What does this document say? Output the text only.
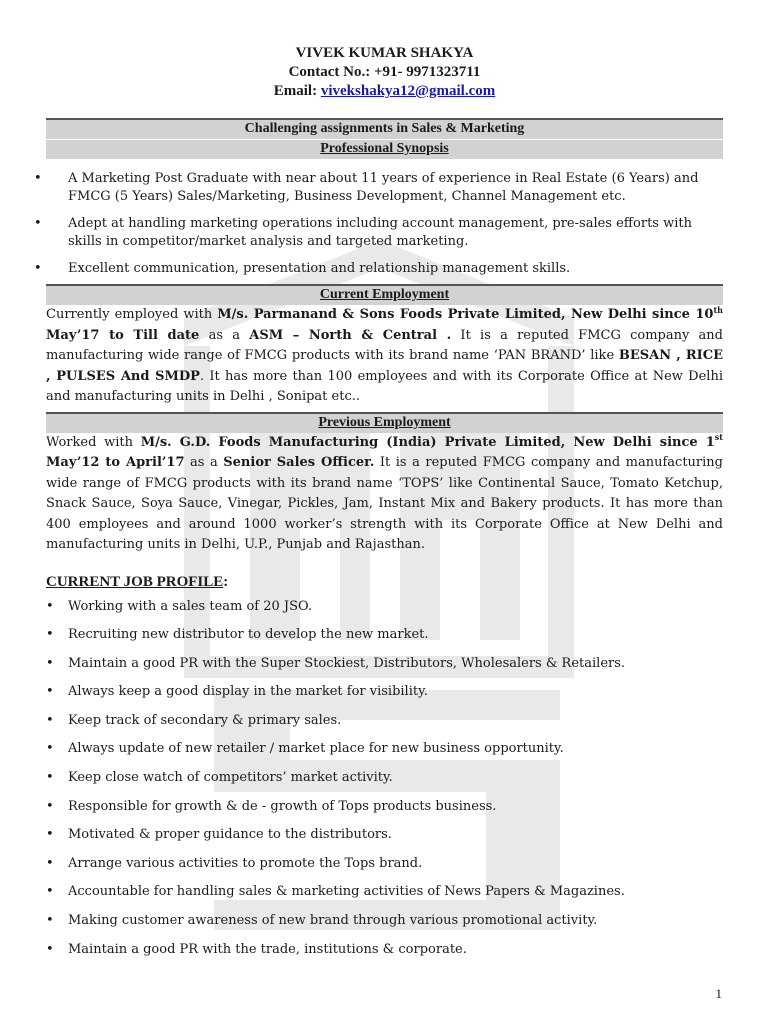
VIVEK KUMAR SHAKYA
Contact No.: +91- 9971323711
Email: vivekshakya12@gmail.com
Challenging assignments in Sales & Marketing
Professional Synopsis
• A Marketing Post Graduate with near about 11 years of experience in Real Estate (6 Years) and FMCG (5 Years) Sales/Marketing, Business Development, Channel Management etc.
• Adept at handling marketing operations including account management, pre-sales efforts with skills in competitor/market analysis and targeted marketing.
• Excellent communication, presentation and relationship management skills.
Current Employment

Currently employed with M/s. Parmanand & Sons Foods Private Limited, New Delhi since 10th May’17 to Till date as a ASM – North & Central . It is a reputed FMCG company and manufacturing wide range of FMCG products with its brand name ‘PAN BRAND’ like BESAN , RICE , PULSES And SMDP. It has more than 100 employees and with its Corporate Office at New Delhi and manufacturing units in Delhi , Sonipat etc..

Previous Employment

Worked with M/s. G.D. Foods Manufacturing (India) Private Limited, New Delhi since 1st May’12 to April’17 as a Senior Sales Officer. It is a reputed FMCG company and manufacturing wide range of FMCG products with its brand name ‘TOPS’ like Continental Sauce, Tomato Ketchup, Snack Sauce, Soya Sauce, Vinegar, Pickles, Jam, Instant Mix and Bakery products. It has more than 400 employees and around 1000 worker’s strength with its Corporate Office at New Delhi and manufacturing units in Delhi, U.P., Punjab and Rajasthan.

CURRENT JOB PROFILE:
• Working with a sales team of 20 JSO.
• Recruiting new distributor to develop the new market.
• Maintain a good PR with the Super Stockiest, Distributors, Wholesalers & Retailers.
• Always keep a good display in the market for visibility.
• Keep track of secondary & primary sales.
• Always update of new retailer / market place for new business opportunity.
• Keep close watch of competitors’ market activity.
• Responsible for growth & de - growth of Tops products business.
• Motivated & proper guidance to the distributors.
• Arrange various activities to promote the Tops brand.
• Accountable for handling sales & marketing activities of News Papers & Magazines.
• Making customer awareness of new brand through various promotional activity.
• Maintain a good PR with the trade, institutions & corporate.
1
